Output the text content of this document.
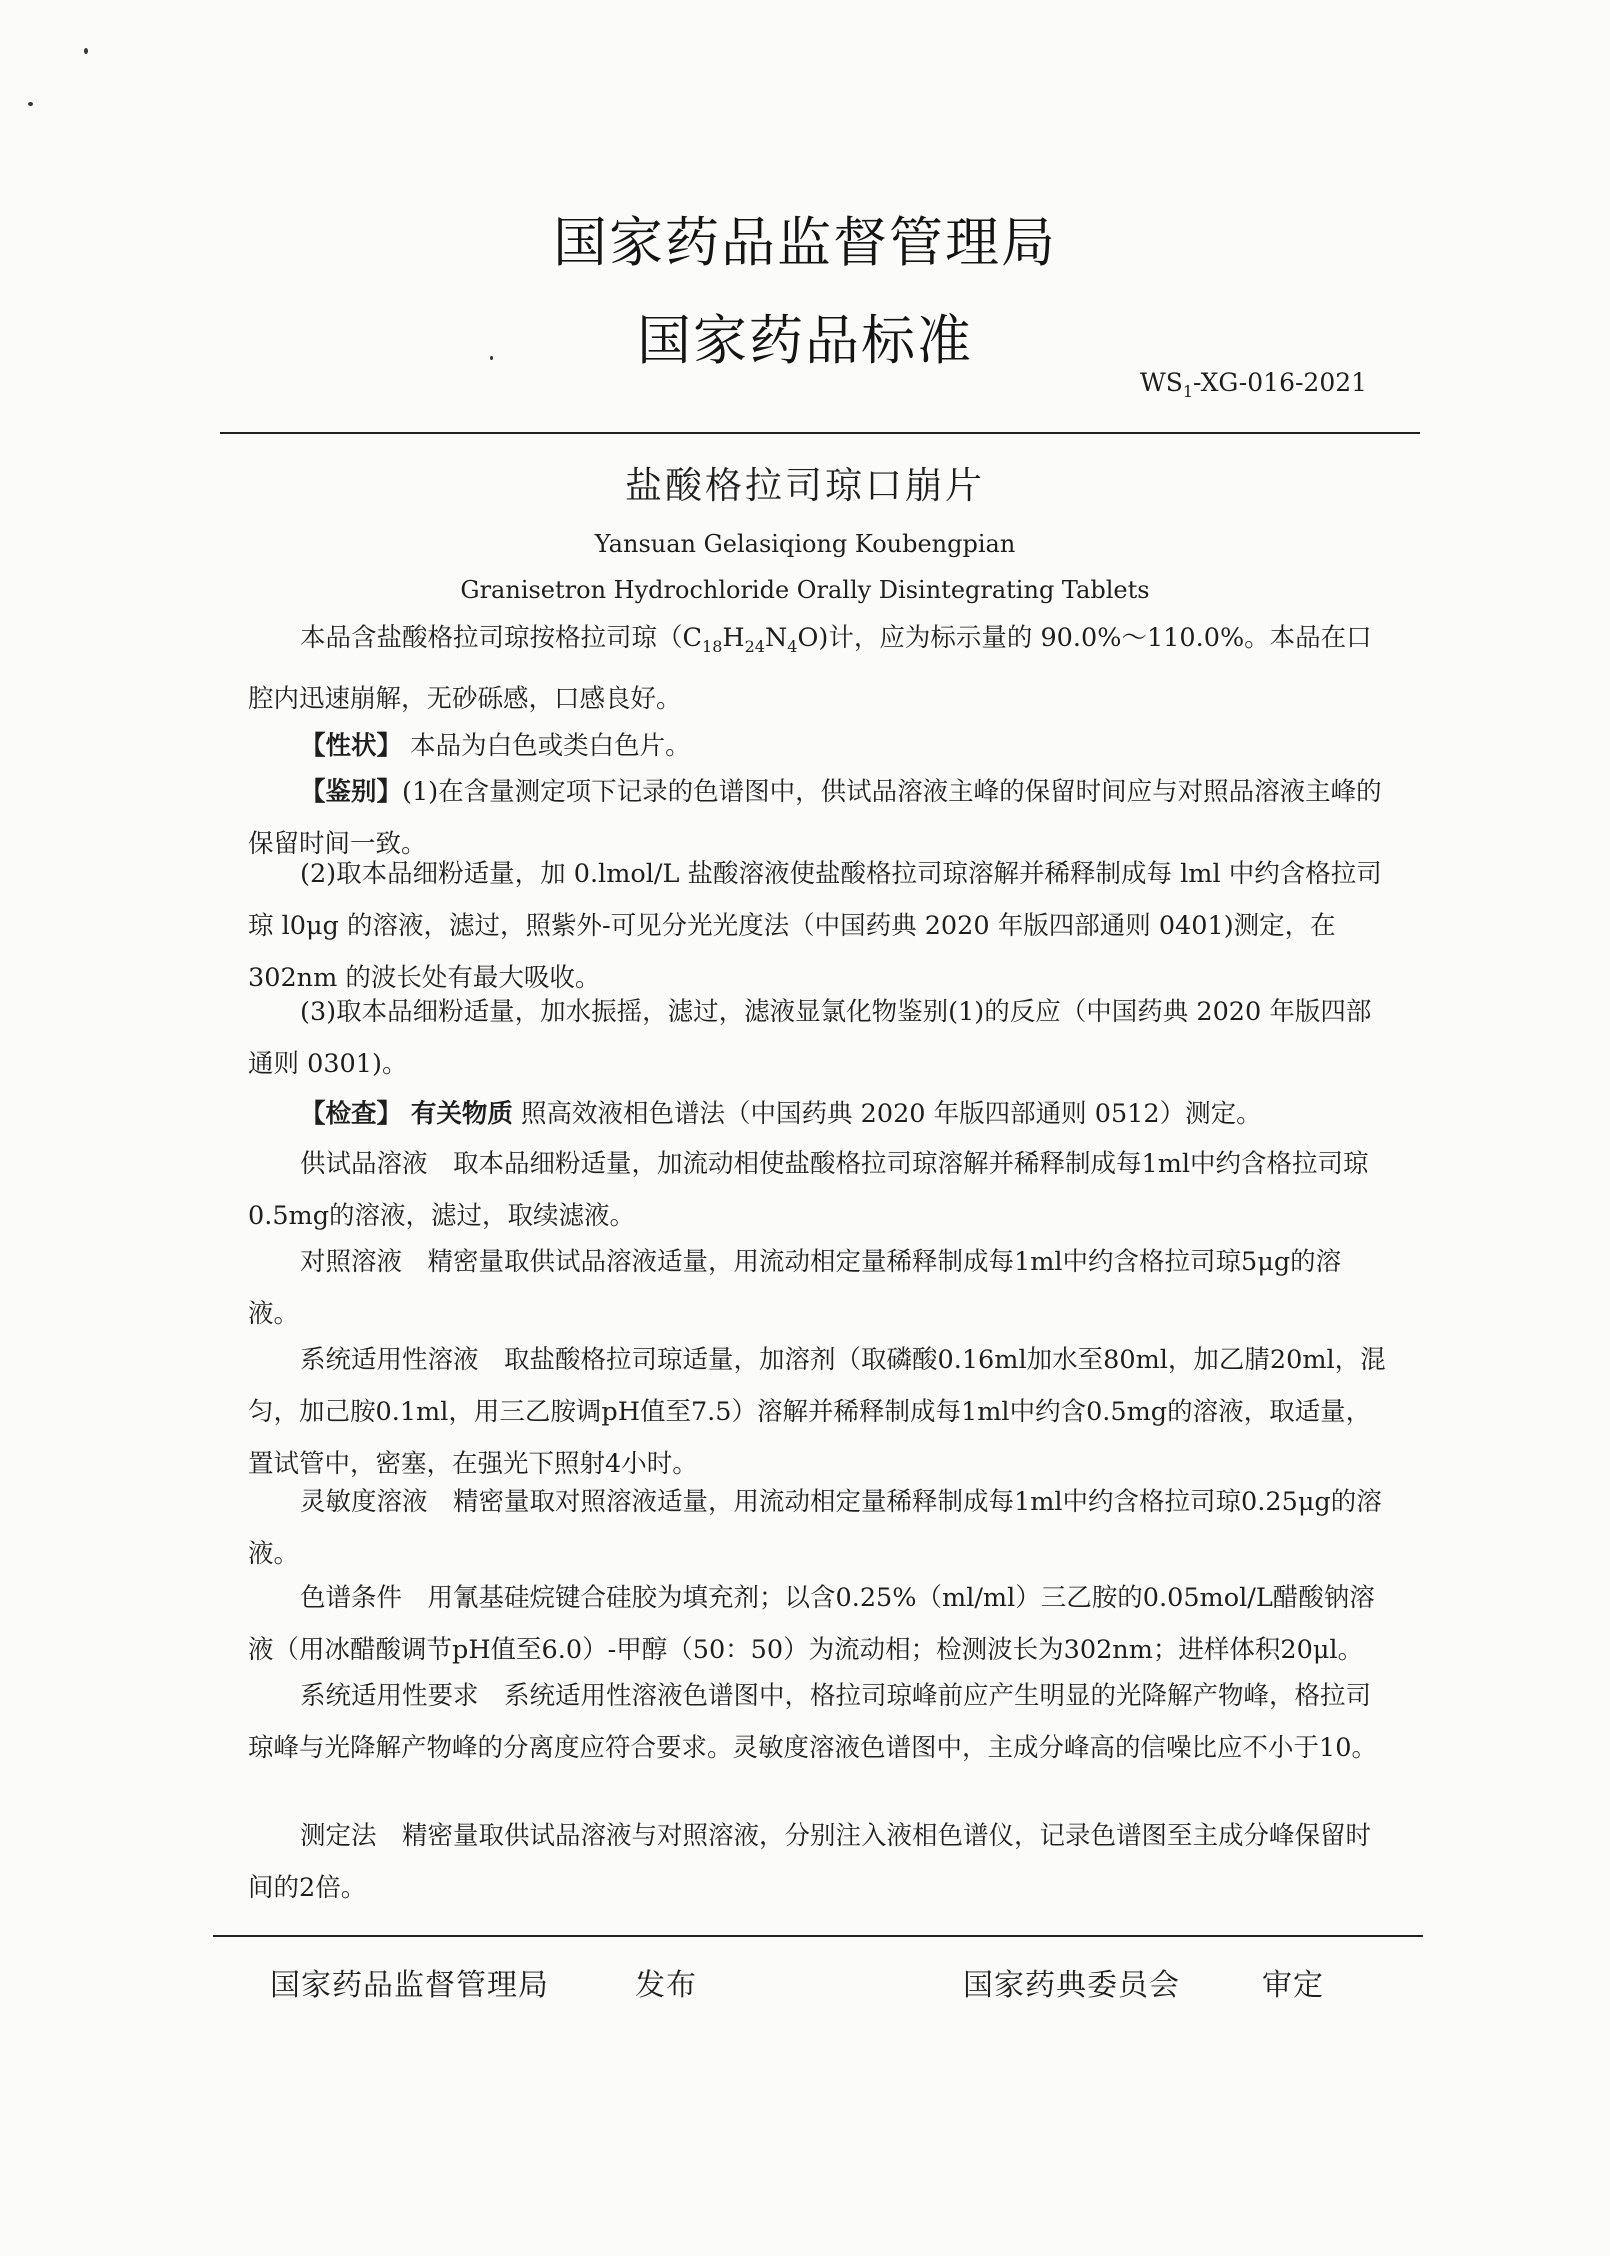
国家药品监督管理局
国家药品标准
$WS_1-XG-016-2021$
盐酸格拉司琼口崩片
Yansuan Gelasiqiong Koubengpian
Granisetron Hydrochloride Orally Disintegrating Tablets

本品含盐酸格拉司琼按格拉司琼$(C_{18}H_{24}N_4O)$计，应为标示量的 90.0%～110.0%。本品在口腔内迅速崩解，无砂砾感，口感良好。

【性状】 本品为白色或类白色片。

【鉴别】(1)在含量测定项下记录的色谱图中，供试品溶液主峰的保留时间应与对照品溶液主峰的保留时间一致。

(2)取本品细粉适量，加 0.lmol/L 盐酸溶液使盐酸格拉司琼溶解并稀释制成每 lml 中约含格拉司琼 l0μg 的溶液，滤过，照紫外-可见分光光度法（中国药典 2020 年版四部通则 0401)测定，在 302nm 的波长处有最大吸收。

(3)取本品细粉适量，加水振摇，滤过，滤液显氯化物鉴别(1)的反应（中国药典 2020 年版四部通则 0301)。

【检查】 有关物质 照高效液相色谱法（中国药典 2020 年版四部通则 0512）测定。

供试品溶液　取本品细粉适量，加流动相使盐酸格拉司琼溶解并稀释制成每1ml中约含格拉司琼0.5mg的溶液，滤过，取续滤液。

对照溶液　精密量取供试品溶液适量，用流动相定量稀释制成每1ml中约含格拉司琼5μg的溶液。

系统适用性溶液　取盐酸格拉司琼适量，加溶剂（取磷酸0.16ml加水至80ml，加乙腈20ml，混匀，加己胺0.1ml，用三乙胺调pH值至7.5）溶解并稀释制成每1ml中约含0.5mg的溶液，取适量，置试管中，密塞，在强光下照射4小时。

灵敏度溶液　精密量取对照溶液适量，用流动相定量稀释制成每1ml中约含格拉司琼0.25μg的溶液。

色谱条件　用氰基硅烷键合硅胶为填充剂；以含0.25%（ml/ml）三乙胺的0.05mol/L醋酸钠溶液（用冰醋酸调节pH值至6.0）-甲醇（50：50）为流动相；检测波长为302nm；进样体积20μl。

系统适用性要求　系统适用性溶液色谱图中，格拉司琼峰前应产生明显的光降解产物峰，格拉司琼峰与光降解产物峰的分离度应符合要求。灵敏度溶液色谱图中，主成分峰高的信噪比应不小于10。

测定法　精密量取供试品溶液与对照溶液，分别注入液相色谱仪，记录色谱图至主成分峰保留时间的2倍。

国家药品监督管理局	发布	国家药典委员会	审定
